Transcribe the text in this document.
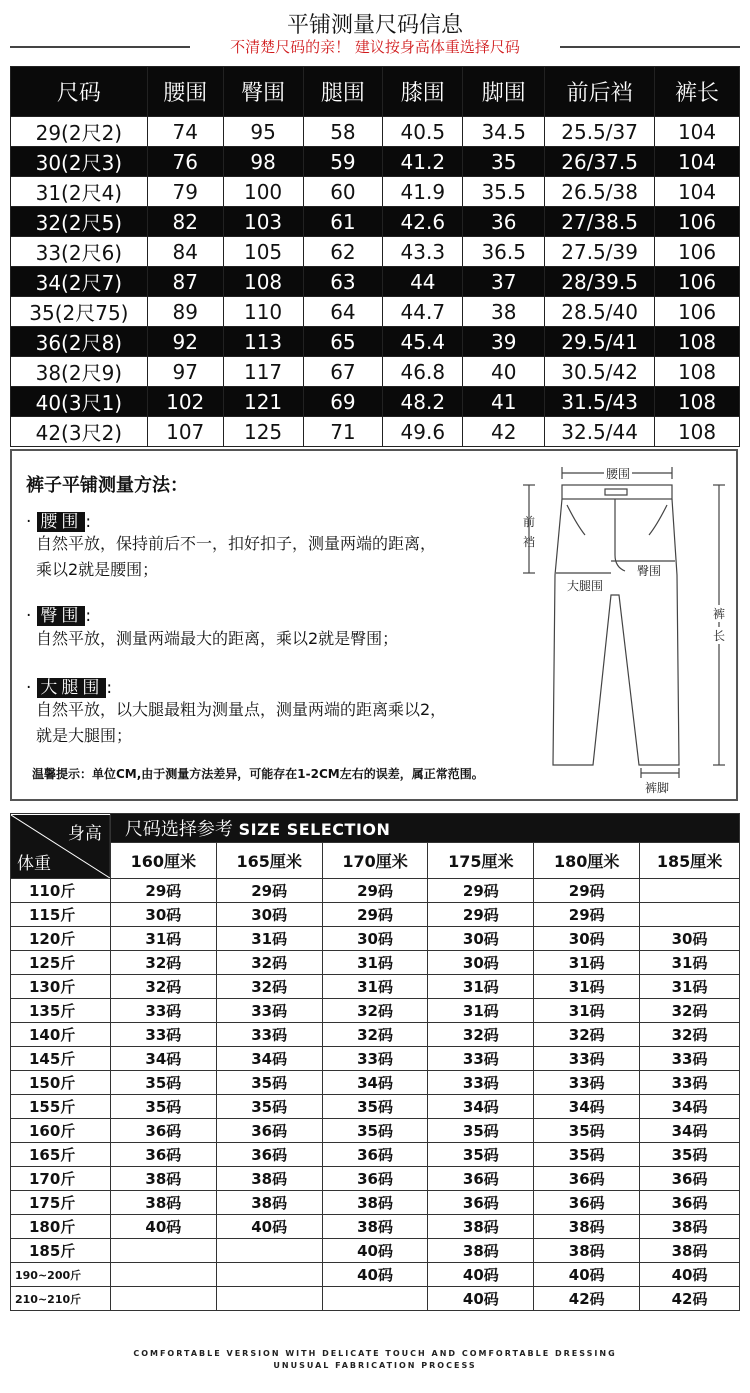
平铺测量尺码信息
不清楚尺码的亲！ 建议按身高体重选择尺码
尺码	腰围	臀围	腿围	膝围	脚围	前后裆	裤长
29(2尺2)	74	95	58	40.5	34.5	25.5/37	104
30(2尺3)	76	98	59	41.2	35	26/37.5	104
31(2尺4)	79	100	60	41.9	35.5	26.5/38	104
32(2尺5)	82	103	61	42.6	36	27/38.5	106
33(2尺6)	84	105	62	43.3	36.5	27.5/39	106
34(2尺7)	87	108	63	44	37	28/39.5	106
35(2尺75)	89	110	64	44.7	38	28.5/40	106
36(2尺8)	92	113	65	45.4	39	29.5/41	108
38(2尺9)	97	117	67	46.8	40	30.5/42	108
40(3尺1)	102	121	69	48.2	41	31.5/43	108
42(3尺2)	107	125	71	49.6	42	32.5/44	108
裤子平铺测量方法：
· 腰围 :
自然平放，保持前后不一，扣好扣子，测量两端的距离，
乘以2就是腰围；
· 臀围 :
自然平放，测量两端最大的距离，乘以2就是臀围；
· 大腿围 :
自然平放，以大腿最粗为测量点，测量两端的距离乘以2，
就是大腿围；
温馨提示：单位CM,由于测量方法差异，可能存在1-2CM左右的误差，属正常范围。
腰围
前
裆
臀围
大腿围
裤
长
裤脚
身高
体重	尺码选择参考 SIZE SELECTION					
	160厘米	165厘米	170厘米	175厘米	180厘米	185厘米
110斤	29码	29码	29码	29码	29码	
115斤	30码	30码	29码	29码	29码	
120斤	31码	31码	30码	30码	30码	30码
125斤	32码	32码	31码	30码	31码	31码
130斤	32码	32码	31码	31码	31码	31码
135斤	33码	33码	32码	31码	31码	32码
140斤	33码	33码	32码	32码	32码	32码
145斤	34码	34码	33码	33码	33码	33码
150斤	35码	35码	34码	33码	33码	33码
155斤	35码	35码	35码	34码	34码	34码
160斤	36码	36码	35码	35码	35码	34码
165斤	36码	36码	36码	35码	35码	35码
170斤	38码	38码	36码	36码	36码	36码
175斤	38码	38码	38码	36码	36码	36码
180斤	40码	40码	38码	38码	38码	38码
185斤			40码	38码	38码	38码
190~200斤			40码	40码	40码	40码
210~210斤				40码	42码	42码
COMFORTABLE VERSION WITH DELICATE TOUCH AND COMFORTABLE DRESSING
UNUSUAL FABRICATION PROCESS
